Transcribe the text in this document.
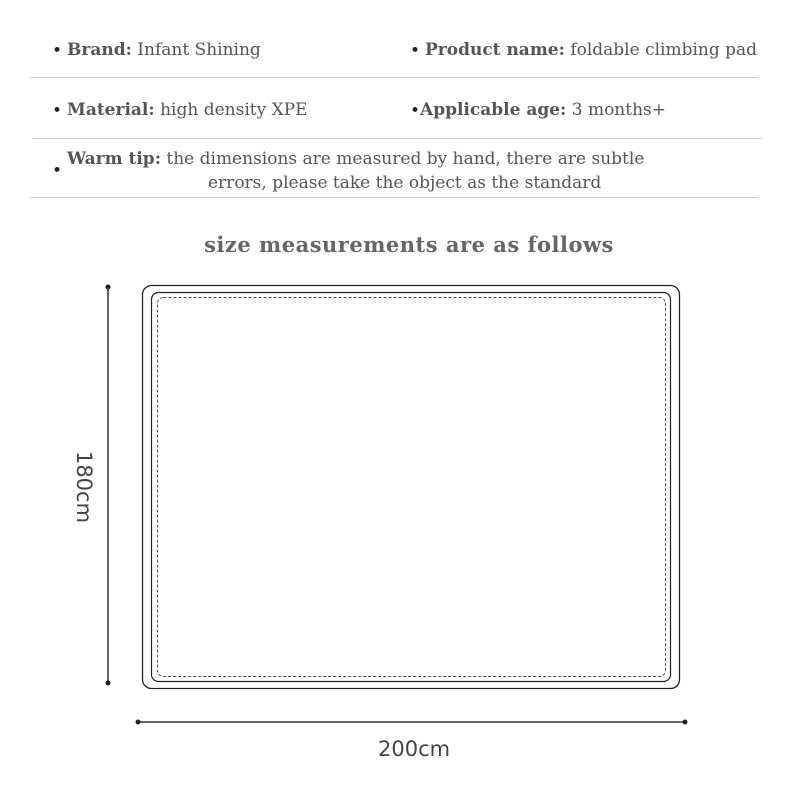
• Brand: Infant Shining	• Product name: foldable climbing pad
• Material: high density XPE	• Applicable age: 3 months+
•
Warm tip: the dimensions are measured by hand, there are subtle
errors, please take the object as the standard
size measurements are as follows
180cm
200cm
